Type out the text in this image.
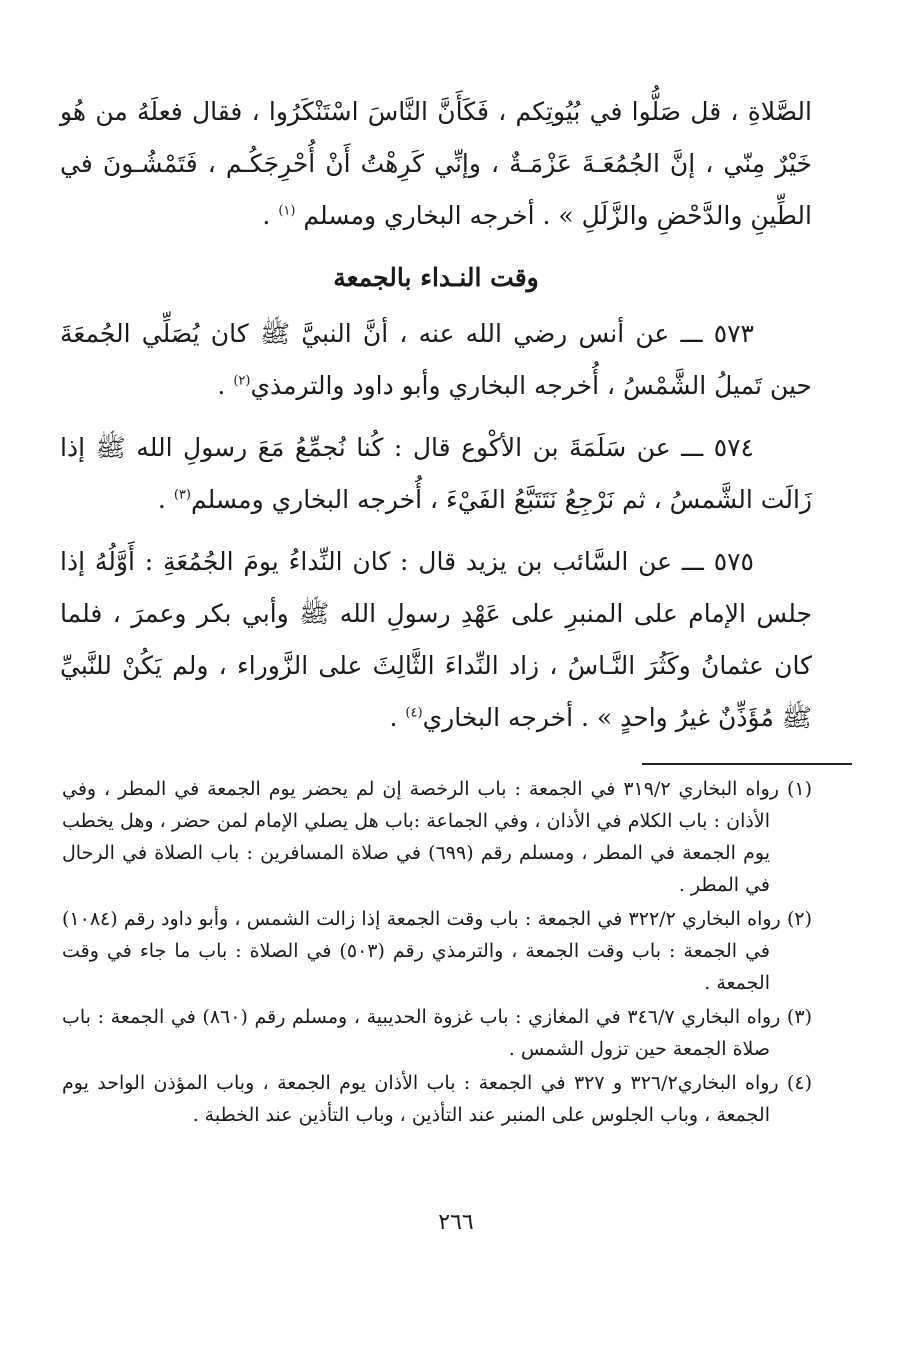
الصَّلاةِ ، قل صَلُّوا في بُيُوتِكم ، فَكَأَنَّ النَّاسَ اسْتَنْكَرُوا ، فقال فعلَهُ من هُو خَيْرٌ مِنّي ، إنَّ الجُمُعَـةَ عَزْمَـةٌ ، وإنِّي كَرِهْتُ أَنْ أُحْرِجَكُـم ، فَتَمْشُـونَ في الطِّينِ والدَّحْضِ والزَّلَلِ » . أخرجه البخاري ومسلم $^{(١)}$ .

وقت النـداء بالجمعة

٥٧٣ ـــ عن أنس رضي الله عنه ، أنَّ النبيَّ ﷺ كان يُصَلِّي الجُمعَةَ حين تَميلُ الشَّمْسُ ، أُخرجه البخاري وأبو داود والترمذي$^{(٢)}$ .

٥٧٤ ـــ عن سَلَمَةَ بن الأكْوع قال : كُنا نُجمِّعُ مَعَ رسولِ الله ﷺ إذا زَالَت الشَّمسُ ، ثم نَرْجِعُ نَتَتَبَّعُ الفَيْءَ ، أُخرجه البخاري ومسلم$^{(٣)}$ .

٥٧٥ ـــ عن السَّائب بن يزيد قال : كان النِّداءُ يومَ الجُمُعَةِ : أَوَّلُهُ إذا جلس الإمام على المنبرِ على عَهْدِ رسولِ الله ﷺ وأبي بكر وعمرَ ، فلما كان عثمانُ وكَثُرَ النَّـاسُ ، زاد النِّداءَ الثَّالِثَ على الزَّوراء ، ولم يَكُنْ للنَّبيِّ ﷺ مُؤَذِّنٌ غيرُ واحدٍ » . أخرجه البخاري$^{(٤)}$ .

(١) رواه البخاري ٣١٩/٢ في الجمعة : باب الرخصة إن لم يحضر يوم الجمعة في المطر ، وفي الأذان : باب الكلام في الأذان ، وفي الجماعة :باب هل يصلي الإمام لمن حضر ، وهل يخطب يوم الجمعة في المطر ، ومسلم رقم (٦٩٩) في صلاة المسافرين : باب الصلاة في الرحال في المطر .

(٢) رواه البخاري ٣٢٢/٢ في الجمعة : باب وقت الجمعة إذا زالت الشمس ، وأبو داود رقم (١٠٨٤) في الجمعة : باب وقت الجمعة ، والترمذي رقم (٥٠٣) في الصلاة : باب ما جاء في وقت الجمعة .

(٣) رواه البخاري ٣٤٦/٧ في المغازي : باب غزوة الحديبية ، ومسلم رقم (٨٦٠) في الجمعة : باب صلاة الجمعة حين تزول الشمس .

(٤) رواه البخاري٣٢٦/٢ و ٣٢٧ في الجمعة : باب الأذان يوم الجمعة ، وباب المؤذن الواحد يوم الجمعة ، وباب الجلوس على المنبر عند التأذين ، وباب التأذين عند الخطبة .

٢٦٦
